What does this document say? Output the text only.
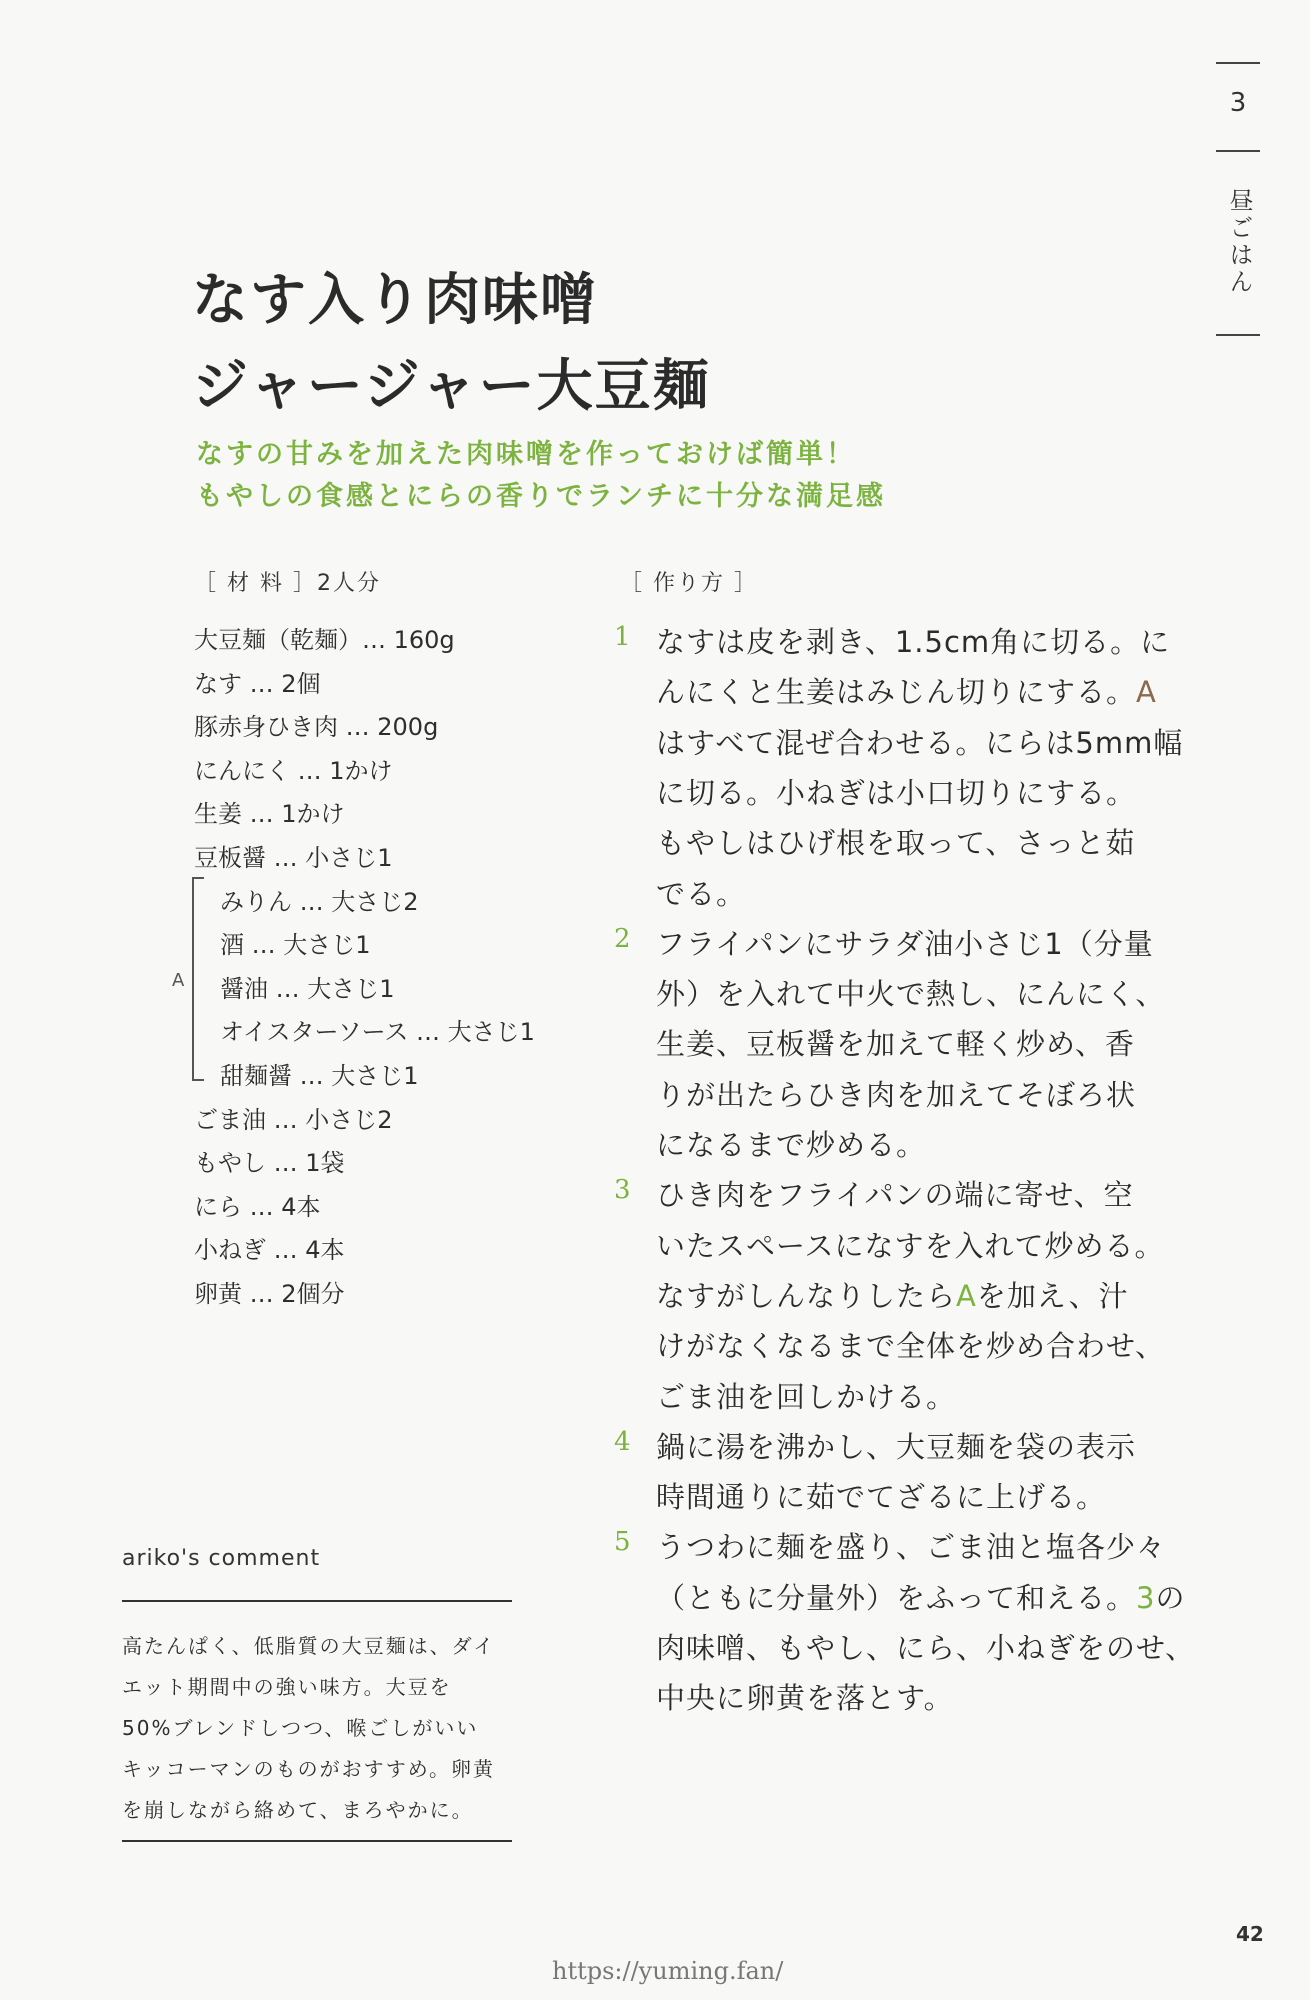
3
昼ごはん
なす入り肉味噌
ジャージャー大豆麺
なすの甘みを加えた肉味噌を作っておけば簡単！
もやしの食感とにらの香りでランチに十分な満足感
［ 材 料 ］2人分
大豆麺（乾麺）… 160g
なす … 2個
豚赤身ひき肉 … 200g
にんにく … 1かけ
生姜 … 1かけ
豆板醤 … 小さじ1
みりん … 大さじ2
酒 … 大さじ1
醤油 … 大さじ1
オイスターソース … 大さじ1
甜麺醤 … 大さじ1
ごま油 … 小さじ2
もやし … 1袋
にら … 4本
小ねぎ … 4本
卵黄 … 2個分
A
［ 作り方 ］
1 なすは皮を剥き、1.5cm角に切る。に
んにくと生姜はみじん切りにする。A
はすべて混ぜ合わせる。にらは5mm幅
に切る。小ねぎは小口切りにする。
もやしはひげ根を取って、さっと茹
でる。
2 フライパンにサラダ油小さじ1（分量
外）を入れて中火で熱し、にんにく、
生姜、豆板醤を加えて軽く炒め、香
りが出たらひき肉を加えてそぼろ状
になるまで炒める。
3 ひき肉をフライパンの端に寄せ、空
いたスペースになすを入れて炒める。
なすがしんなりしたらAを加え、汁
けがなくなるまで全体を炒め合わせ、
ごま油を回しかける。
4 鍋に湯を沸かし、大豆麺を袋の表示
時間通りに茹でてざるに上げる。
5 うつわに麺を盛り、ごま油と塩各少々
（ともに分量外）をふって和える。3の
肉味噌、もやし、にら、小ねぎをのせ、
中央に卵黄を落とす。
ariko's comment
高たんぱく、低脂質の大豆麺は、ダイ
エット期間中の強い味方。大豆を
50%ブレンドしつつ、喉ごしがいい
キッコーマンのものがおすすめ。卵黄
を崩しながら絡めて、まろやかに。
42
https://yuming.fan/
